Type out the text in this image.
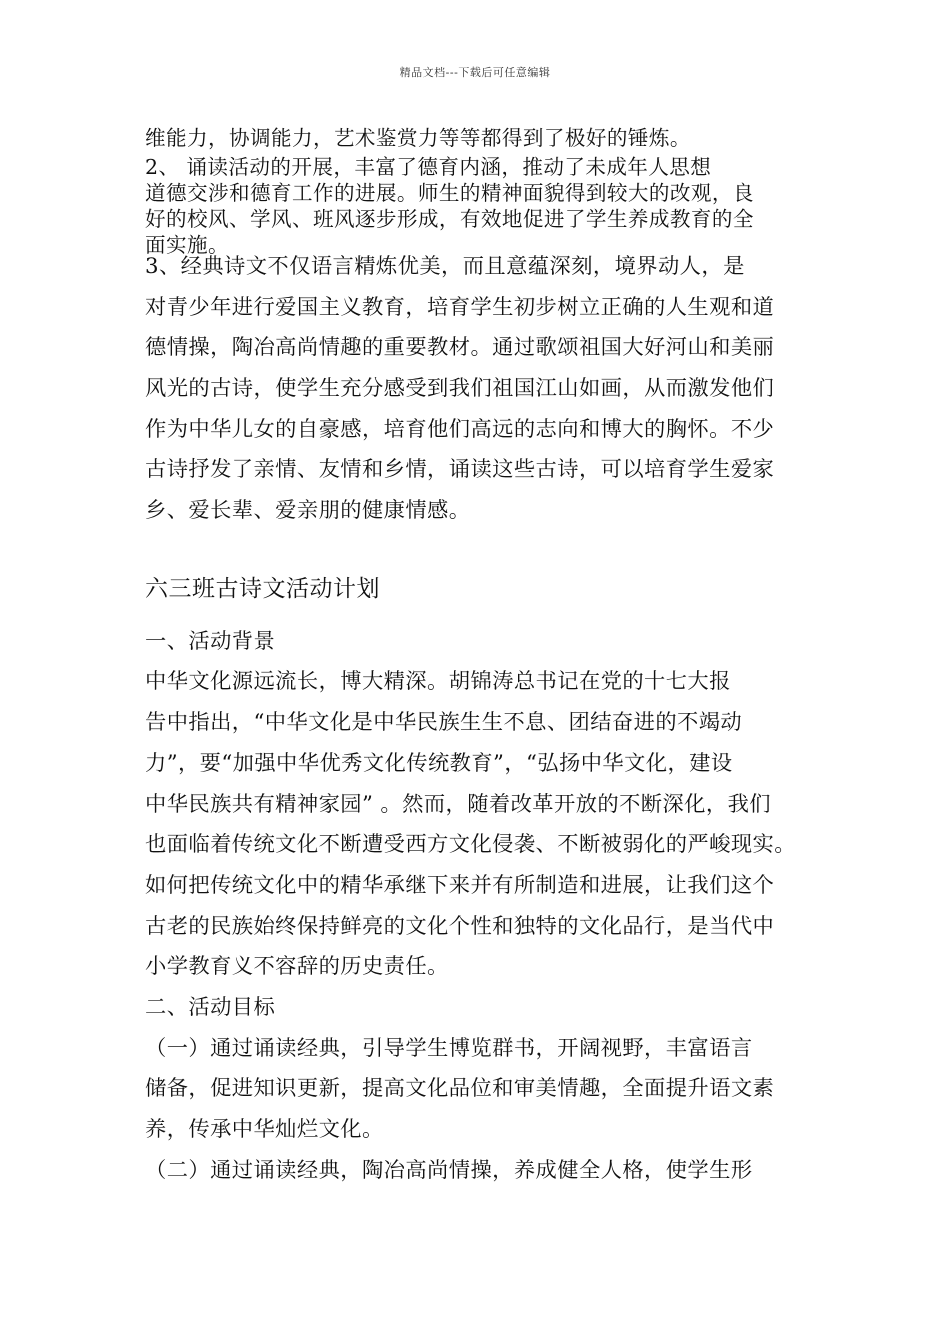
精品文档---下载后可任意编辑
维能力，协调能力，艺术鉴赏力等等都得到了极好的锤炼。
2、 诵读活动的开展，丰富了德育内涵，推动了未成年人思想
道德交涉和德育工作的进展。师生的精神面貌得到较大的改观，良
好的校风、学风、班风逐步形成，有效地促进了学生养成教育的全
面实施。
3、经典诗文不仅语言精炼优美，而且意蕴深刻，境界动人，是
对青少年进行爱国主义教育，培育学生初步树立正确的人生观和道
德情操，陶冶高尚情趣的重要教材。通过歌颂祖国大好河山和美丽
风光的古诗，使学生充分感受到我们祖国江山如画，从而激发他们
作为中华儿女的自豪感，培育他们高远的志向和博大的胸怀。不少
古诗抒发了亲情、友情和乡情，诵读这些古诗，可以培育学生爱家
乡、爱长辈、爱亲朋的健康情感。
六三班古诗文活动计划
一、活动背景
中华文化源远流长，博大精深。胡锦涛总书记在党的十七大报
告中指出，“中华文化是中华民族生生不息、团结奋进的不竭动
力”，要“加强中华优秀文化传统教育”，“弘扬中华文化，建设
中华民族共有精神家园” 。然而，随着改革开放的不断深化，我们
也面临着传统文化不断遭受西方文化侵袭、不断被弱化的严峻现实。
如何把传统文化中的精华承继下来并有所制造和进展，让我们这个
古老的民族始终保持鲜亮的文化个性和独特的文化品行，是当代中
小学教育义不容辞的历史责任。
二、活动目标
（一）通过诵读经典，引导学生博览群书，开阔视野，丰富语言
储备，促进知识更新，提高文化品位和审美情趣，全面提升语文素
养，传承中华灿烂文化。
（二）通过诵读经典，陶冶高尚情操，养成健全人格，使学生形
